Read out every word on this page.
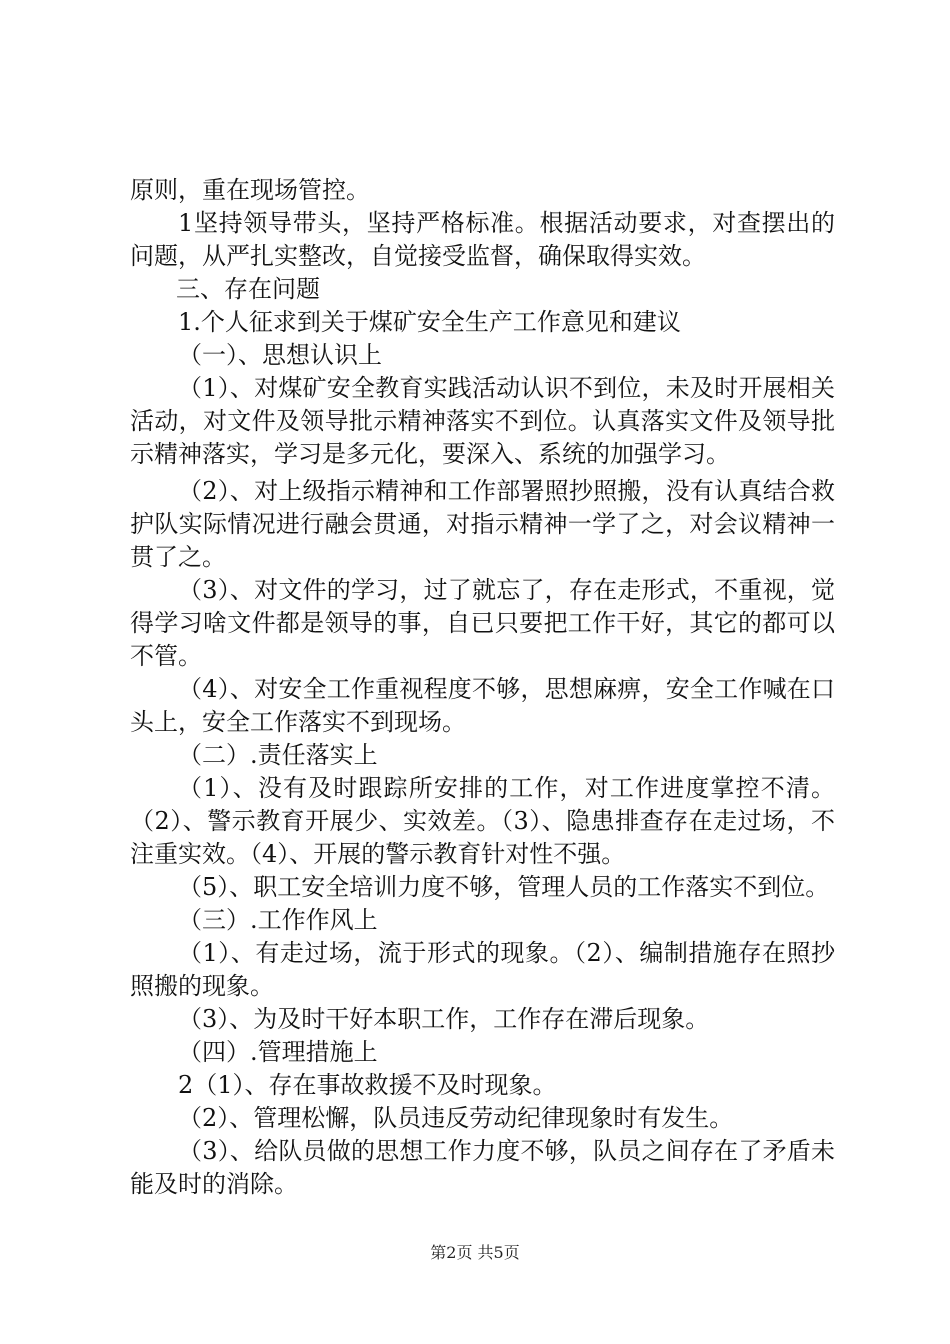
原则，重在现场管控。

1坚持领导带头，坚持严格标准。根据活动要求，对查摆出的问题，从严扎实整改，自觉接受监督，确保取得实效。

三、存在问题

1.个人征求到关于煤矿安全生产工作意见和建议

（一）、思想认识上

（1）、对煤矿安全教育实践活动认识不到位，未及时开展相关活动，对文件及领导批示精神落实不到位。认真落实文件及领导批示精神落实，学习是多元化，要深入、系统的加强学习。

（2）、对上级指示精神和工作部署照抄照搬，没有认真结合救护队实际情况进行融会贯通，对指示精神一学了之，对会议精神一贯了之。

（3）、对文件的学习，过了就忘了，存在走形式，不重视，觉得学习啥文件都是领导的事，自已只要把工作干好，其它的都可以不管。

（4）、对安全工作重视程度不够，思想麻痹，安全工作喊在口头上，安全工作落实不到现场。

（二）.责任落实上

（1）、没有及时跟踪所安排的工作，对工作进度掌控不清。（2）、警示教育开展少、实效差。（3）、隐患排查存在走过场，不注重实效。（4）、开展的警示教育针对性不强。

（5）、职工安全培训力度不够，管理人员的工作落实不到位。

（三）.工作作风上

（1）、有走过场，流于形式的现象。（2）、编制措施存在照抄照搬的现象。

（3）、为及时干好本职工作，工作存在滞后现象。

（四）.管理措施上

2（1）、存在事故救援不及时现象。

（2）、管理松懈，队员违反劳动纪律现象时有发生。

（3）、给队员做的思想工作力度不够，队员之间存在了矛盾未能及时的消除。

第2页 共5页
